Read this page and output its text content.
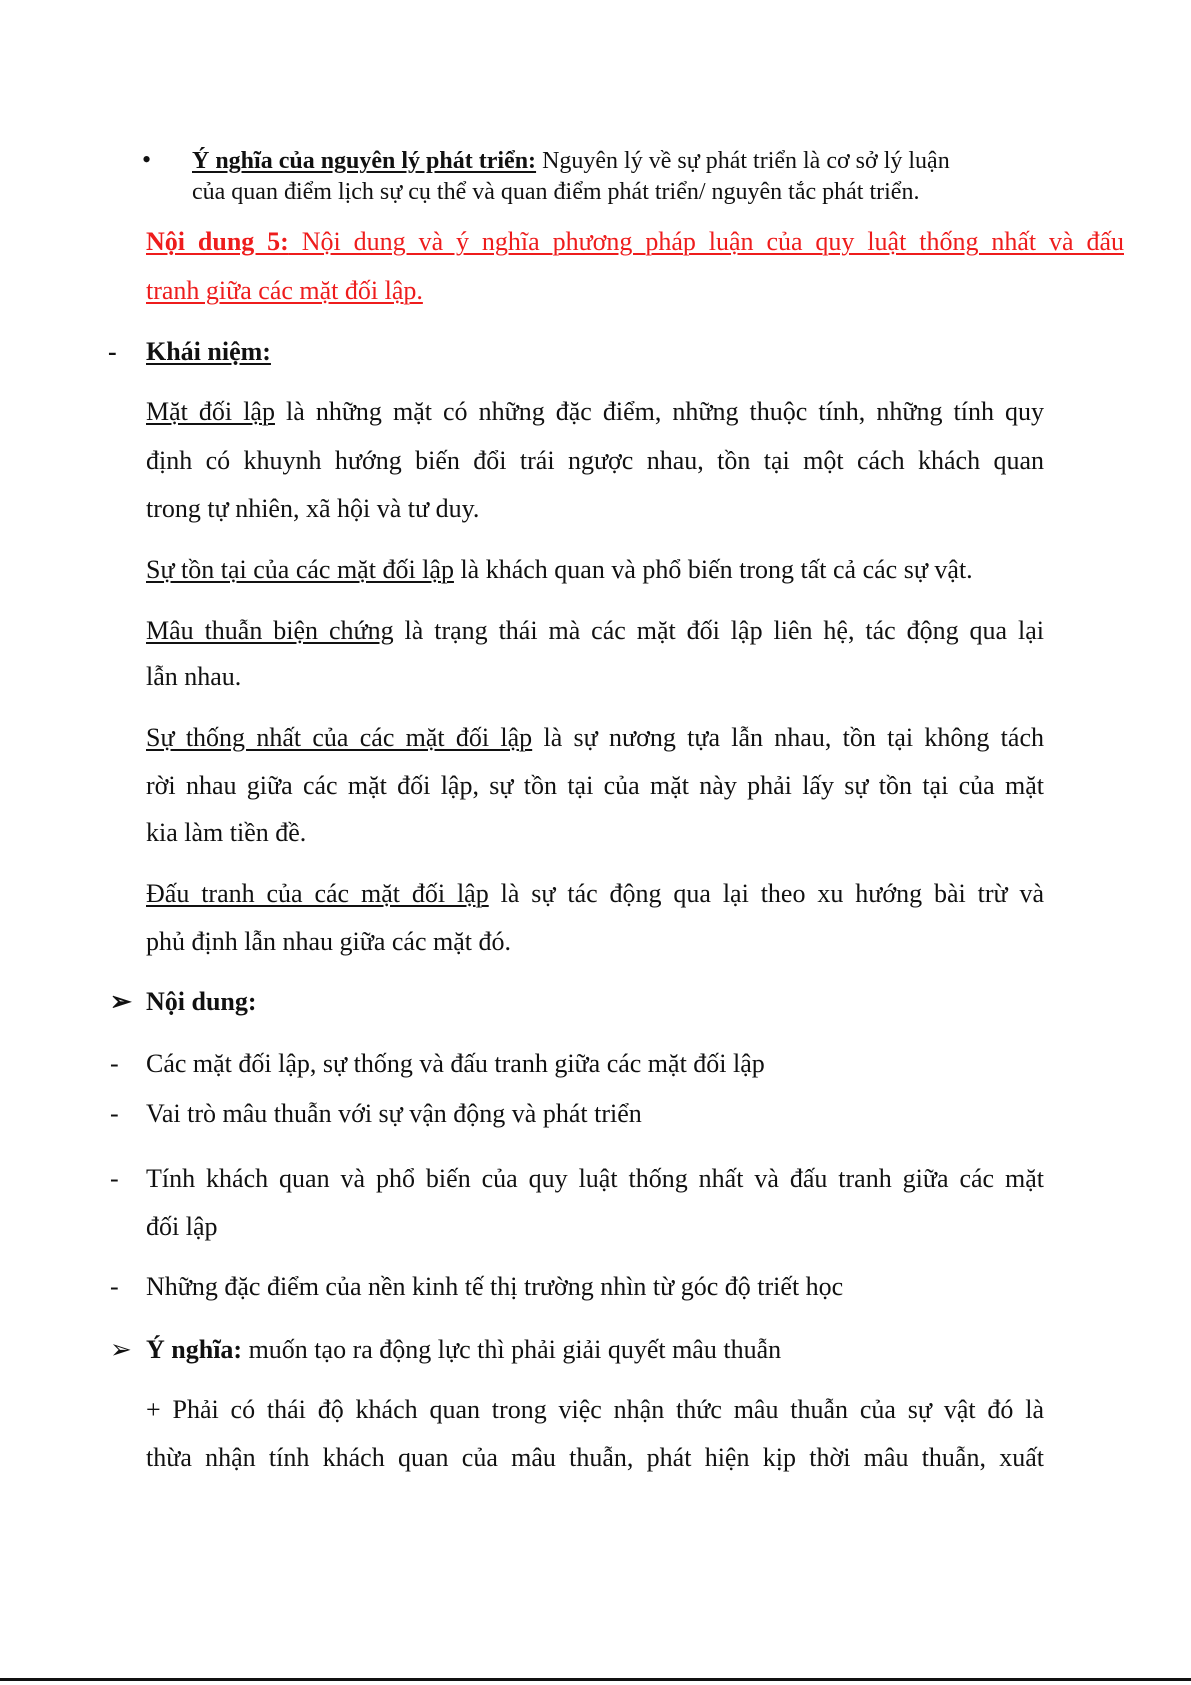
• Ý nghĩa của nguyên lý phát triển: Nguyên lý về sự phát triển là cơ sở lý luận
của quan điểm lịch sự cụ thể và quan điểm phát triển/ nguyên tắc phát triển.
Nội dung 5: Nội dung và ý nghĩa phương pháp luận của quy luật thống nhất và đấu
tranh giữa các mặt đối lập.
- Khái niệm:
Mặt đối lập là những mặt có những đặc điểm, những thuộc tính, những tính quy
định có khuynh hướng biến đổi trái ngược nhau, tồn tại một cách khách quan
trong tự nhiên, xã hội và tư duy.
Sự tồn tại của các mặt đối lập là khách quan và phổ biến trong tất cả các sự vật.
Mâu thuẫn biện chứng là trạng thái mà các mặt đối lập liên hệ, tác động qua lại
lẫn nhau.
Sự thống nhất của các mặt đối lập là sự nương tựa lẫn nhau, tồn tại không tách
rời nhau giữa các mặt đối lập, sự tồn tại của mặt này phải lấy sự tồn tại của mặt
kia làm tiền đề.
Đấu tranh của các mặt đối lập là sự tác động qua lại theo xu hướng bài trừ và
phủ định lẫn nhau giữa các mặt đó.
➢ Nội dung:
- Các mặt đối lập, sự thống và đấu tranh giữa các mặt đối lập
- Vai trò mâu thuẫn với sự vận động và phát triển
- Tính khách quan và phổ biến của quy luật thống nhất và đấu tranh giữa các mặt
đối lập
- Những đặc điểm của nền kinh tế thị trường nhìn từ góc độ triết học
➢ Ý nghĩa: muốn tạo ra động lực thì phải giải quyết mâu thuẫn
+ Phải có thái độ khách quan trong việc nhận thức mâu thuẫn của sự vật đó là
thừa nhận tính khách quan của mâu thuẫn, phát hiện kịp thời mâu thuẫn, xuất
